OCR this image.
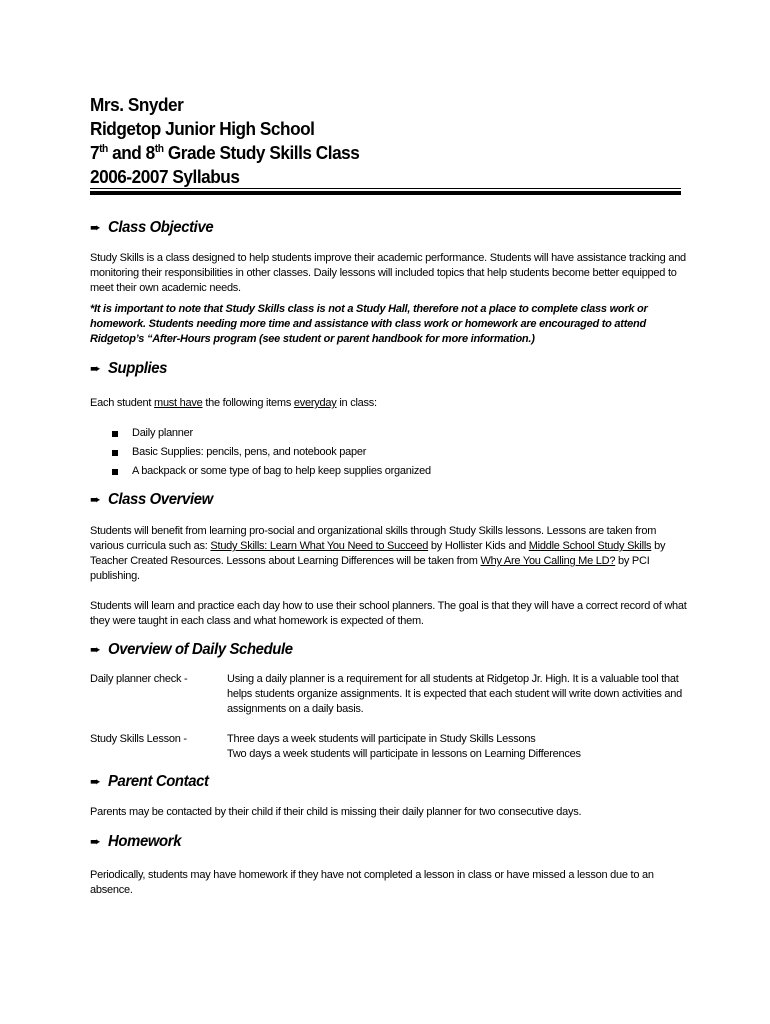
Mrs. Snyder
Ridgetop Junior High School
7th and 8th Grade Study Skills Class
2006-2007 Syllabus
➨ Class Objective

Study Skills is a class designed to help students improve their academic performance. Students will have assistance tracking and monitoring their responsibilities in other classes. Daily lessons will included topics that help students become better equipped to meet their own academic needs.

*It is important to note that Study Skills class is not a Study Hall, therefore not a place to complete class work or homework. Students needing more time and assistance with class work or homework are encouraged to attend Ridgetop’s “After-Hours program (see student or parent handbook for more information.)

➨ Supplies

Each student must have the following items everyday in class:

Daily planner
Basic Supplies: pencils, pens, and notebook paper
A backpack or some type of bag to help keep supplies organized
➨ Class Overview

Students will benefit from learning pro-social and organizational skills through Study Skills lessons. Lessons are taken from various curricula such as: Study Skills: Learn What You Need to Succeed by Hollister Kids and Middle School Study Skills by Teacher Created Resources. Lessons about Learning Differences will be taken from Why Are You Calling Me LD? by PCI publishing.

Students will learn and practice each day how to use their school planners. The goal is that they will have a correct record of what they were taught in each class and what homework is expected of them.

➨ Overview of Daily Schedule
Daily planner check -	Using a daily planner is a requirement for all students at Ridgetop Jr. High. It is a valuable tool that helps students organize assignments. It is expected that each student will write down activities and assignments on a daily basis.

Study Skills Lesson -	Three days a week students will participate in Study Skills Lessons

Two days a week students will participate in lessons on Learning Differences

➨ Parent Contact

Parents may be contacted by their child if their child is missing their daily planner for two consecutive days.

➨ Homework

Periodically, students may have homework if they have not completed a lesson in class or have missed a lesson due to an absence.
